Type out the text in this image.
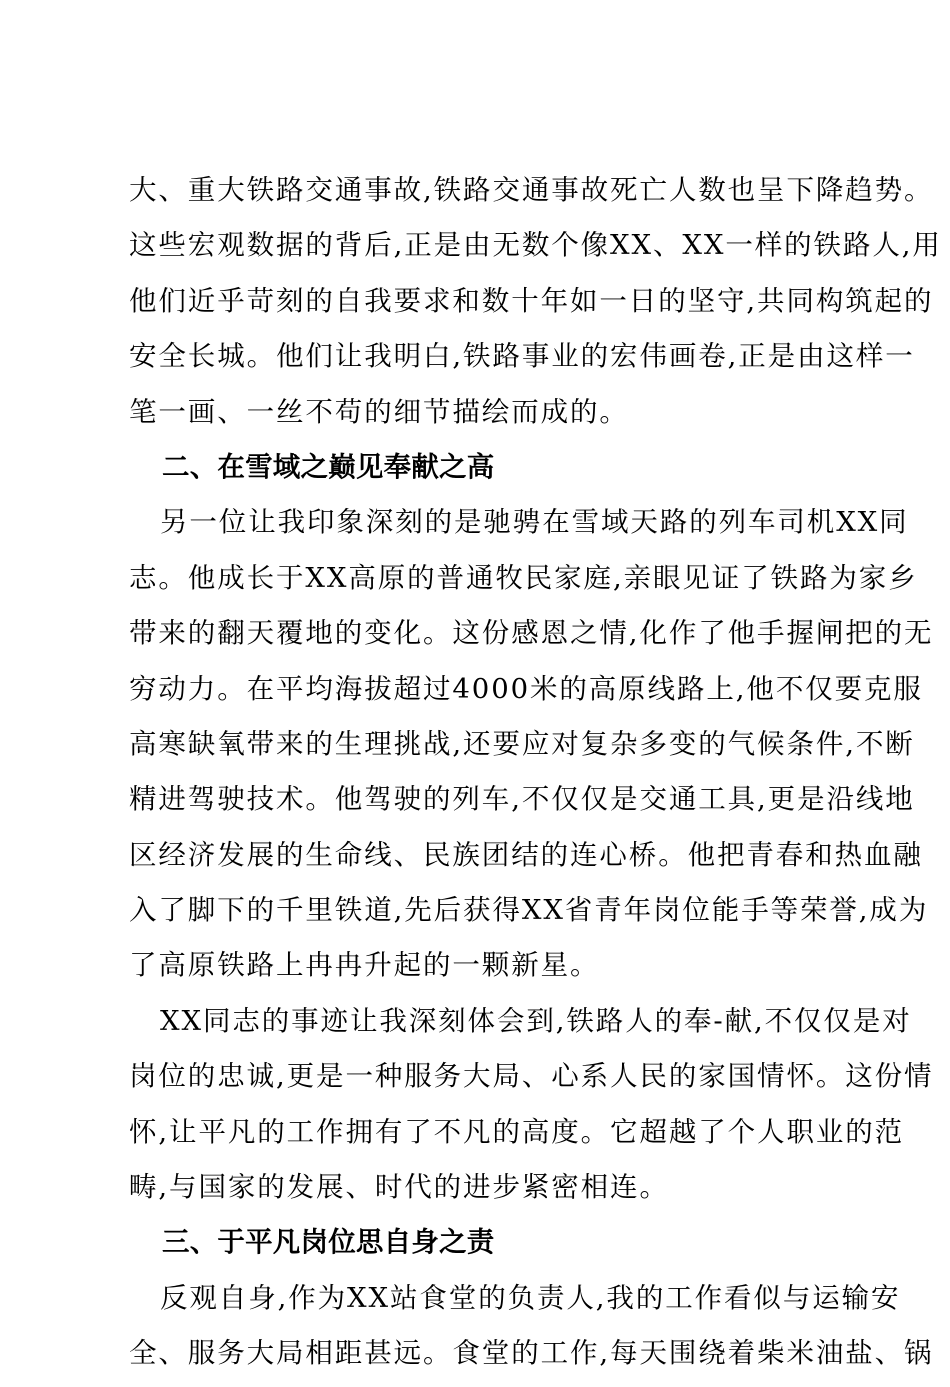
大、重大铁路交通事故,铁路交通事故死亡人数也呈下降趋势。
这些宏观数据的背后,正是由无数个像XX、XX一样的铁路人,用
他们近乎苛刻的自我要求和数十年如一日的坚守,共同构筑起的
安全长城。他们让我明白,铁路事业的宏伟画卷,正是由这样一
笔一画、一丝不苟的细节描绘而成的。
二、在雪域之巅见奉献之高
另一位让我印象深刻的是驰骋在雪域天路的列车司机XX同
志。他成长于XX高原的普通牧民家庭,亲眼见证了铁路为家乡
带来的翻天覆地的变化。这份感恩之情,化作了他手握闸把的无
穷动力。在平均海拔超过4000米的高原线路上,他不仅要克服
高寒缺氧带来的生理挑战,还要应对复杂多变的气候条件,不断
精进驾驶技术。他驾驶的列车,不仅仅是交通工具,更是沿线地
区经济发展的生命线、民族团结的连心桥。他把青春和热血融
入了脚下的千里铁道,先后获得XX省青年岗位能手等荣誉,成为
了高原铁路上冉冉升起的一颗新星。
XX同志的事迹让我深刻体会到,铁路人的奉-献,不仅仅是对
岗位的忠诚,更是一种服务大局、心系人民的家国情怀。这份情
怀,让平凡的工作拥有了不凡的高度。它超越了个人职业的范
畴,与国家的发展、时代的进步紧密相连。
三、于平凡岗位思自身之责
反观自身,作为XX站食堂的负责人,我的工作看似与运输安
全、服务大局相距甚远。食堂的工作,每天围绕着柴米油盐、锅
